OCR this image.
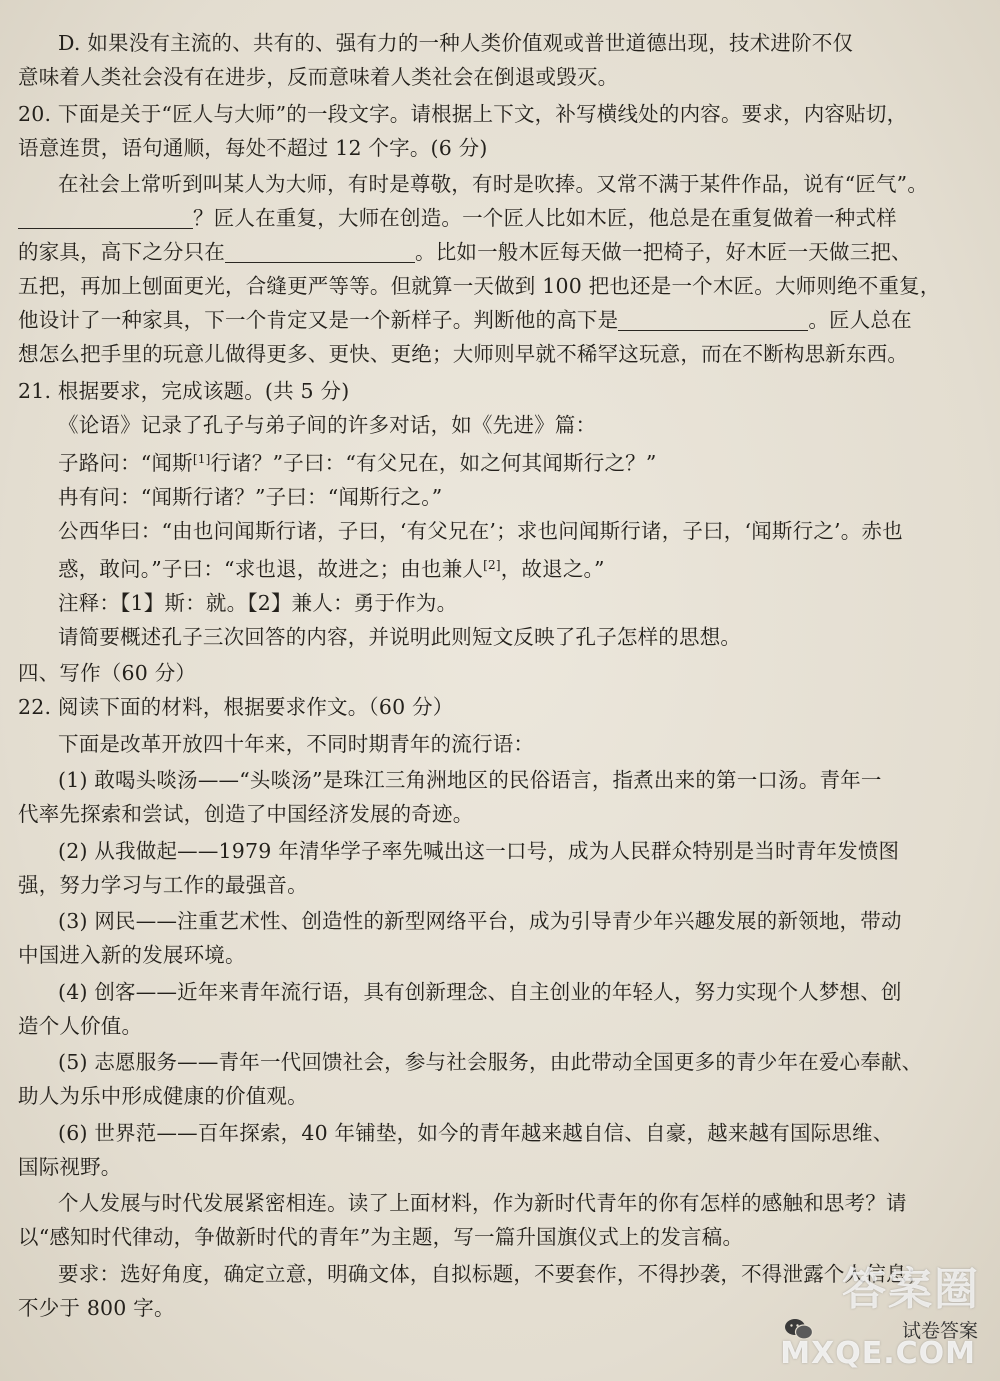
D. 如果没有主流的、共有的、强有力的一种人类价值观或普世道德出现，技术进阶不仅

意味着人类社会没有在进步，反而意味着人类社会在倒退或毁灭。

20. 下面是关于“匠人与大师”的一段文字。请根据上下文，补写横线处的内容。要求，内容贴切，

语意连贯，语句通顺，每处不超过 12 个字。(6 分)

在社会上常听到叫某人为大师，有时是尊敬，有时是吹捧。又常不满于某件作品，说有“匠气”。

？匠人在重复，大师在创造。一个匠人比如木匠，他总是在重复做着一种式样

的家具，高下之分只在	。比如一般木匠每天做一把椅子，好木匠一天做三把、

五把，再加上刨面更光，合缝更严等等。但就算一天做到 100 把也还是一个木匠。大师则绝不重复，

他设计了一种家具，下一个肯定又是一个新样子。判断他的高下是	。匠人总在

想怎么把手里的玩意儿做得更多、更快、更绝；大师则早就不稀罕这玩意，而在不断构思新东西。

21. 根据要求，完成该题。(共 5 分)

《论语》记录了孔子与弟子间的许多对话，如《先进》篇：

子路问：“闻斯[1]行诸？”子曰：“有父兄在，如之何其闻斯行之？”

冉有问：“闻斯行诸？”子曰：“闻斯行之。”

公西华曰：“由也问闻斯行诸，子曰，‘有父兄在’；求也问闻斯行诸，子曰，‘闻斯行之’。赤也

惑，敢问。”子曰：“求也退，故进之；由也兼人[2]，故退之。”

注释：【1】斯：就。【2】兼人：勇于作为。

请简要概述孔子三次回答的内容，并说明此则短文反映了孔子怎样的思想。

四、写作（60 分）

22. 阅读下面的材料，根据要求作文。（60 分）

下面是改革开放四十年来，不同时期青年的流行语：

(1) 敢喝头啖汤——“头啖汤”是珠江三角洲地区的民俗语言，指煮出来的第一口汤。青年一

代率先探索和尝试，创造了中国经济发展的奇迹。

(2) 从我做起——1979 年清华学子率先喊出这一口号，成为人民群众特别是当时青年发愤图

强，努力学习与工作的最强音。

(3) 网民——注重艺术性、创造性的新型网络平台，成为引导青少年兴趣发展的新领地，带动

中国进入新的发展环境。

(4) 创客——近年来青年流行语，具有创新理念、自主创业的年轻人，努力实现个人梦想、创

造个人价值。

(5) 志愿服务——青年一代回馈社会，参与社会服务，由此带动全国更多的青少年在爱心奉献、

助人为乐中形成健康的价值观。

(6) 世界范——百年探索，40 年铺垫，如今的青年越来越自信、自豪，越来越有国际思维、

国际视野。

个人发展与时代发展紧密相连。读了上面材料，作为新时代青年的你有怎样的感触和思考？请

以“感知时代律动，争做新时代的青年”为主题，写一篇升国旗仪式上的发言稿。

要求：选好角度，确定立意，明确文体，自拟标题，不要套作，不得抄袭，不得泄露个人信息；

不少于 800 字。	答案圈
试卷答案
MXQE.COM
